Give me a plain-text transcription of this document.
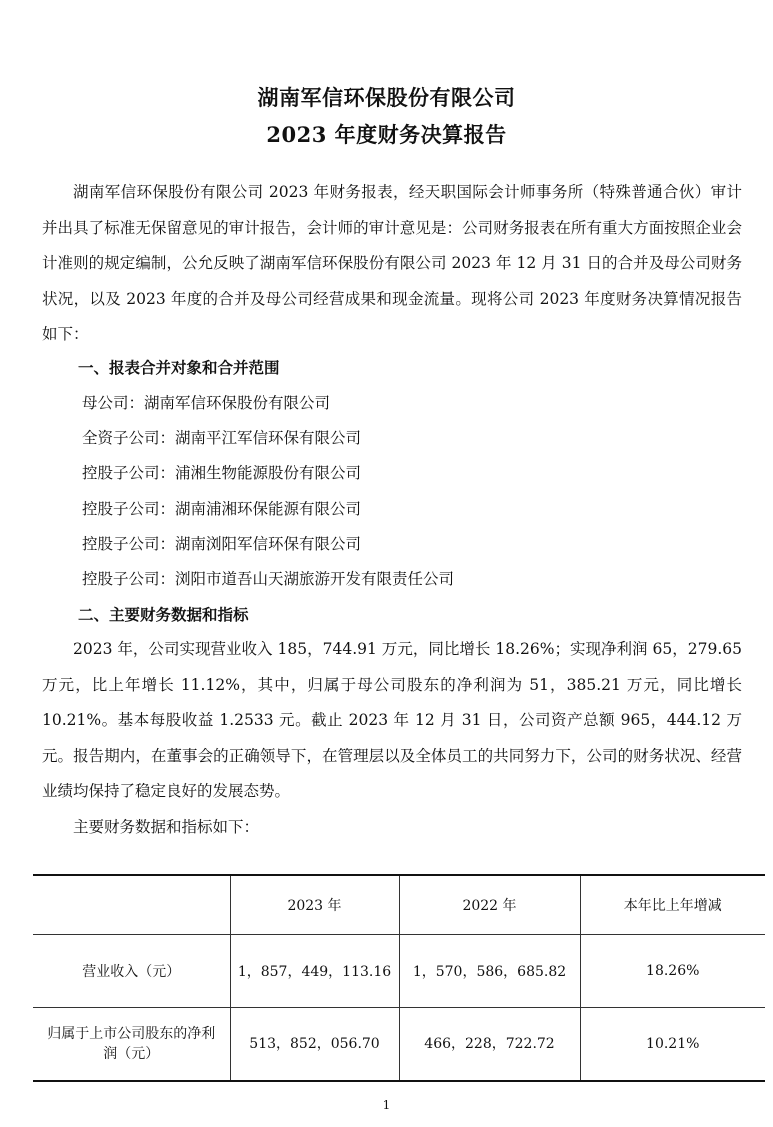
湖南军信环保股份有限公司
2023 年度财务决算报告

湖南军信环保股份有限公司 2023 年财务报表，经天职国际会计师事务所（特殊普通合伙）审计并出具了标准无保留意见的审计报告，会计师的审计意见是：公司财务报表在所有重大方面按照企业会计准则的规定编制，公允反映了湖南军信环保股份有限公司 2023 年 12 月 31 日的合并及母公司财务状况，以及 2023 年度的合并及母公司经营成果和现金流量。现将公司 2023 年度财务决算情况报告如下：

一、报表合并对象和合并范围

母公司：湖南军信环保股份有限公司
全资子公司：湖南平江军信环保有限公司
控股子公司：浦湘生物能源股份有限公司
控股子公司：湖南浦湘环保能源有限公司
控股子公司：湖南浏阳军信环保有限公司
控股子公司：浏阳市道吾山天湖旅游开发有限责任公司

二、主要财务数据和指标

2023 年，公司实现营业收入 185，744.91 万元，同比增长 18.26%；实现净利润 65，279.65 万元，比上年增长 11.12%，其中，归属于母公司股东的净利润为 51，385.21 万元，同比增长 10.21%。基本每股收益 1.2533 元。截止 2023 年 12 月 31 日，公司资产总额 965，444.12 万元。报告期内，在董事会的正确领导下，在管理层以及全体员工的共同努力下，公司的财务状况、经营业绩均保持了稳定良好的发展态势。

主要财务数据和指标如下：

	2023 年	2022 年	本年比上年增减
营业收入（元）	1，857，449，113.16	1，570，586，685.82	18.26%
归属于上市公司股东的净利润（元）	513，852，056.70	466，228，722.72	10.21%
1
